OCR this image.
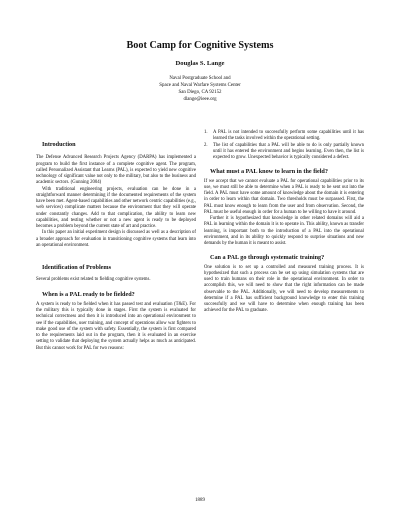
Boot Camp for Cognitive Systems
Douglas S. Lange
Naval Postgraduate School and
Space and Naval Warfare Systems Center
San Diego, CA 92152
dlange@ieee.org

Introduction

The Defense Advanced Research Projects Agency (DARPA) has implemented a program to build the first instance of a complete cognitive agent. The program, called Personalized Assistant that Learns (PAL), is expected to yield new cognitive technology of significant value not only to the military, but also to the business and academic sectors. (Gunning 2004)

With traditional engineering projects, evaluation can be done in a straightforward manner determining if the documented requirements of the system have been met. Agent-based capabilities and other network centric capabilities (e.g., web services) complicate matters because the environment that they will operate under constantly changes. Add to that complication, the ability to learn new capabilities, and testing whether or not a new agent is ready to be deployed becomes a problem beyond the current state of art and practice.

In this paper an initial experiment design is discussed as well as a description of a broader approach for evaluation in transitioning cognitive systems that learn into an operational environment.

Identification of Problems

Several problems exist related to fielding cognitive systems.

When is a PAL ready to be fielded?

A system is ready to be fielded when it has passed test and evaluation (T&E). For the military this is typically done in stages. First the system is evaluated for technical correctness and then it is introduced into an operational environment to see if the capabilities, user training, and concept of operations allow war fighters to make good use of the system with safety. Essentially, the system is first compared to the requirements laid out in the program, then it is evaluated in an exercise setting to validate that deploying the system actually helps as much as anticipated. But this cannot work for PAL for two reasons:

1.	A PAL is not intended to successfully perform some capabilities until it has learned the tasks involved within the operational setting.
2.	The list of capabilities that a PAL will be able to do is only partially known until it has entered the environment and begins learning. Even then, the list is expected to grow. Unexpected behavior is typically considered a defect.

What must a PAL know to learn in the field?

If we accept that we cannot evaluate a PAL for operational capabilities prior to its use, we must still be able to determine when a PAL is ready to be sent out into the field. A PAL must have some amount of knowledge about the domain it is entering in order to learn within that domain. Two thresholds must be surpassed. First, the PAL must know enough to learn from the user and from observation. Second, the PAL must be useful enough in order for a human to be willing to have it around.

Further it is hypothesized that knowledge in other related domains will aid a PAL in learning within the domain it is to operate in. This ability, known as transfer learning, is important both to the introduction of a PAL into the operational environment, and in its ability to quickly respond to surprise situations and new demands by the human it is meant to assist.

Can a PAL go through systematic training?

One solution is to set up a controlled and measured training process. It is hypothesized that such a process can be set up using simulation systems that are used to train humans on their role in the operational environment. In order to accomplish this, we will need to show that the right information can be made observable to the PAL. Additionally, we will need to develop measurements to determine if a PAL has sufficient background knowledge to enter this training successfully and we will have to determine when enough training has been achieved for the PAL to graduate.

1889
